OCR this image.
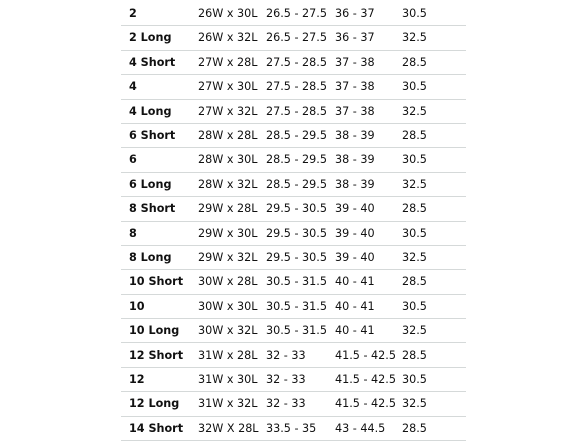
2	26W x 30L	26.5 - 27.5	36 - 37	30.5
2 Long	26W x 32L	26.5 - 27.5	36 - 37	32.5
4 Short	27W x 28L	27.5 - 28.5	37 - 38	28.5
4	27W x 30L	27.5 - 28.5	37 - 38	30.5
4 Long	27W x 32L	27.5 - 28.5	37 - 38	32.5
6 Short	28W x 28L	28.5 - 29.5	38 - 39	28.5
6	28W x 30L	28.5 - 29.5	38 - 39	30.5
6 Long	28W x 32L	28.5 - 29.5	38 - 39	32.5
8 Short	29W x 28L	29.5 - 30.5	39 - 40	28.5
8	29W x 30L	29.5 - 30.5	39 - 40	30.5
8 Long	29W x 32L	29.5 - 30.5	39 - 40	32.5
10 Short	30W x 28L	30.5 - 31.5	40 - 41	28.5
10	30W x 30L	30.5 - 31.5	40 - 41	30.5
10 Long	30W x 32L	30.5 - 31.5	40 - 41	32.5
12 Short	31W x 28L	32 - 33	41.5 - 42.5	28.5
12	31W x 30L	32 - 33	41.5 - 42.5	30.5
12 Long	31W x 32L	32 - 33	41.5 - 42.5	32.5
14 Short	32W X 28L	33.5 - 35	43 - 44.5	28.5
